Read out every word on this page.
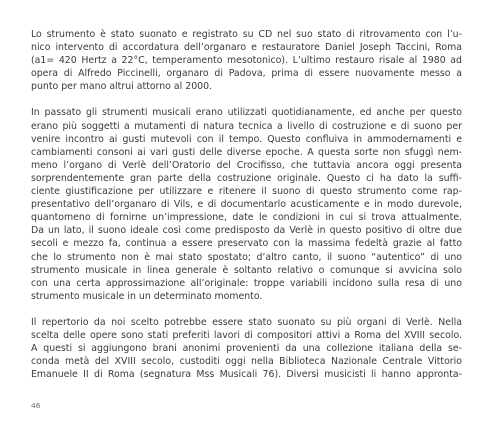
Lo strumento è stato suonato e registrato su CD nel suo stato di ritrovamento con l’u-
nico intervento di accordatura dell’organaro e restauratore Daniel Joseph Taccini, Roma
(a1= 420 Hertz a 22°C, temperamento mesotonico). L’ultimo restauro risale al 1980 ad
opera di Alfredo Piccinelli, organaro di Padova, prima di essere nuovamente messo a
punto per mano altrui attorno al 2000.
In passato gli strumenti musicali erano utilizzati quotidianamente, ed anche per questo
erano più soggetti a mutamenti di natura tecnica a livello di costruzione e di suono per
venire incontro ai gusti mutevoli con il tempo. Questo confluiva in ammodernamenti e
cambiamenti consoni ai vari gusti delle diverse epoche. A questa sorte non sfuggì nem-
meno l’organo di Verlè dell’Oratorio del Crocifisso, che tuttavia ancora oggi presenta
sorprendentemente gran parte della costruzione originale. Questo ci ha dato la suffi-
ciente giustificazione per utilizzare e ritenere il suono di questo strumento come rap-
presentativo dell’organaro di Vils, e di documentarlo acusticamente e in modo durevole,
quantomeno di fornirne un’impressione, date le condizioni in cui si trova attualmente.
Da un lato, il suono ideale così come predisposto da Verlè in questo positivo di oltre due
secoli e mezzo fa, continua a essere preservato con la massima fedeltà grazie al fatto
che lo strumento non è mai stato spostato; d’altro canto, il suono “autentico” di uno
strumento musicale in linea generale è soltanto relativo o comunque si avvicina solo
con una certa approssimazione all’originale: troppe variabili incidono sulla resa di uno
strumento musicale in un determinato momento.
Il repertorio da noi scelto potrebbe essere stato suonato su più organi di Verlè. Nella
scelta delle opere sono stati preferiti lavori di compositori attivi a Roma del XVIII secolo.
A questi si aggiungono brani anonimi provenienti da una collezione italiana della se-
conda metà del XVIII secolo, custoditi oggi nella Biblioteca Nazionale Centrale Vittorio
Emanuele II di Roma (segnatura Mss Musicali 76). Diversi musicisti li hanno approntа-
46
